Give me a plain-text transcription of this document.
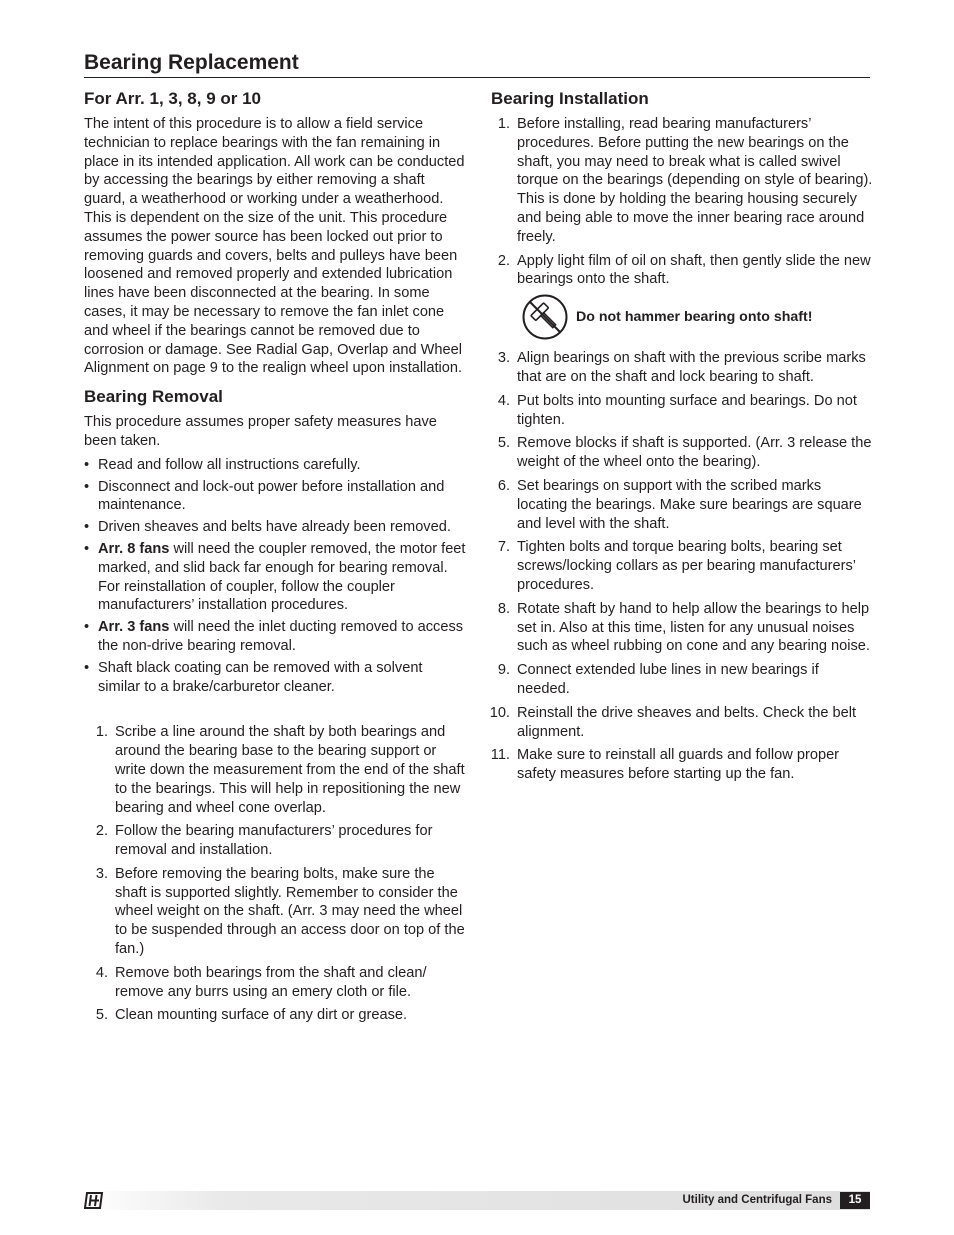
Bearing Replacement
For Arr. 1, 3, 8, 9 or 10

The intent of this procedure is to allow a field service technician to replace bearings with the fan remaining in place in its intended application. All work can be conducted by accessing the bearings by either removing a shaft guard, a weatherhood or working under a weatherhood. This is dependent on the size of the unit. This procedure assumes the power source has been locked out prior to removing guards and covers, belts and pulleys have been loosened and removed properly and extended lubrication lines have been disconnected at the bearing. In some cases, it may be necessary to remove the fan inlet cone and wheel if the bearings cannot be removed due to corrosion or damage. See Radial Gap, Overlap and Wheel Alignment on page 9 to the realign wheel upon installation.

Bearing Removal

This procedure assumes proper safety measures have been taken.

• Read and follow all instructions carefully.
• Disconnect and lock-out power before installation and maintenance.
• Driven sheaves and belts have already been removed.
• Arr. 8 fans will need the coupler removed, the motor feet marked, and slid back far enough for bearing removal. For reinstallation of coupler, follow the coupler manufacturers’ installation procedures.
• Arr. 3 fans will need the inlet ducting removed to access the non-drive bearing removal.
• Shaft black coating can be removed with a solvent similar to a brake/carburetor cleaner.
1. Scribe a line around the shaft by both bearings and around the bearing base to the bearing support or write down the measurement from the end of the shaft to the bearings. This will help in repositioning the new bearing and wheel cone overlap.
2. Follow the bearing manufacturers’ procedures for removal and installation.
3. Before removing the bearing bolts, make sure the shaft is supported slightly. Remember to consider the wheel weight on the shaft. (Arr. 3 may need the wheel to be suspended through an access door on top of the fan.)
4. Remove both bearings from the shaft and clean/ remove any burrs using an emery cloth or file.
5. Clean mounting surface of any dirt or grease.
Bearing Installation
1. Before installing, read bearing manufacturers’ procedures. Before putting the new bearings on the shaft, you may need to break what is called swivel torque on the bearings (depending on style of bearing). This is done by holding the bearing housing securely and being able to move the inner bearing race around freely.
2. Apply light film of oil on shaft, then gently slide the new bearings onto the shaft.
Do not hammer bearing onto shaft!
3. Align bearings on shaft with the previous scribe marks that are on the shaft and lock bearing to shaft.
4. Put bolts into mounting surface and bearings. Do not tighten.
5. Remove blocks if shaft is supported. (Arr. 3 release the weight of the wheel onto the bearing).
6. Set bearings on support with the scribed marks locating the bearings. Make sure bearings are square and level with the shaft.
7. Tighten bolts and torque bearing bolts, bearing set screws/locking collars as per bearing manufacturers’ procedures.
8. Rotate shaft by hand to help allow the bearings to help set in. Also at this time, listen for any unusual noises such as wheel rubbing on cone and any bearing noise.
9. Connect extended lube lines in new bearings if needed.
10. Reinstall the drive sheaves and belts. Check the belt alignment.
11. Make sure to reinstall all guards and follow proper safety measures before starting up the fan.
Utility and Centrifugal Fans	15
